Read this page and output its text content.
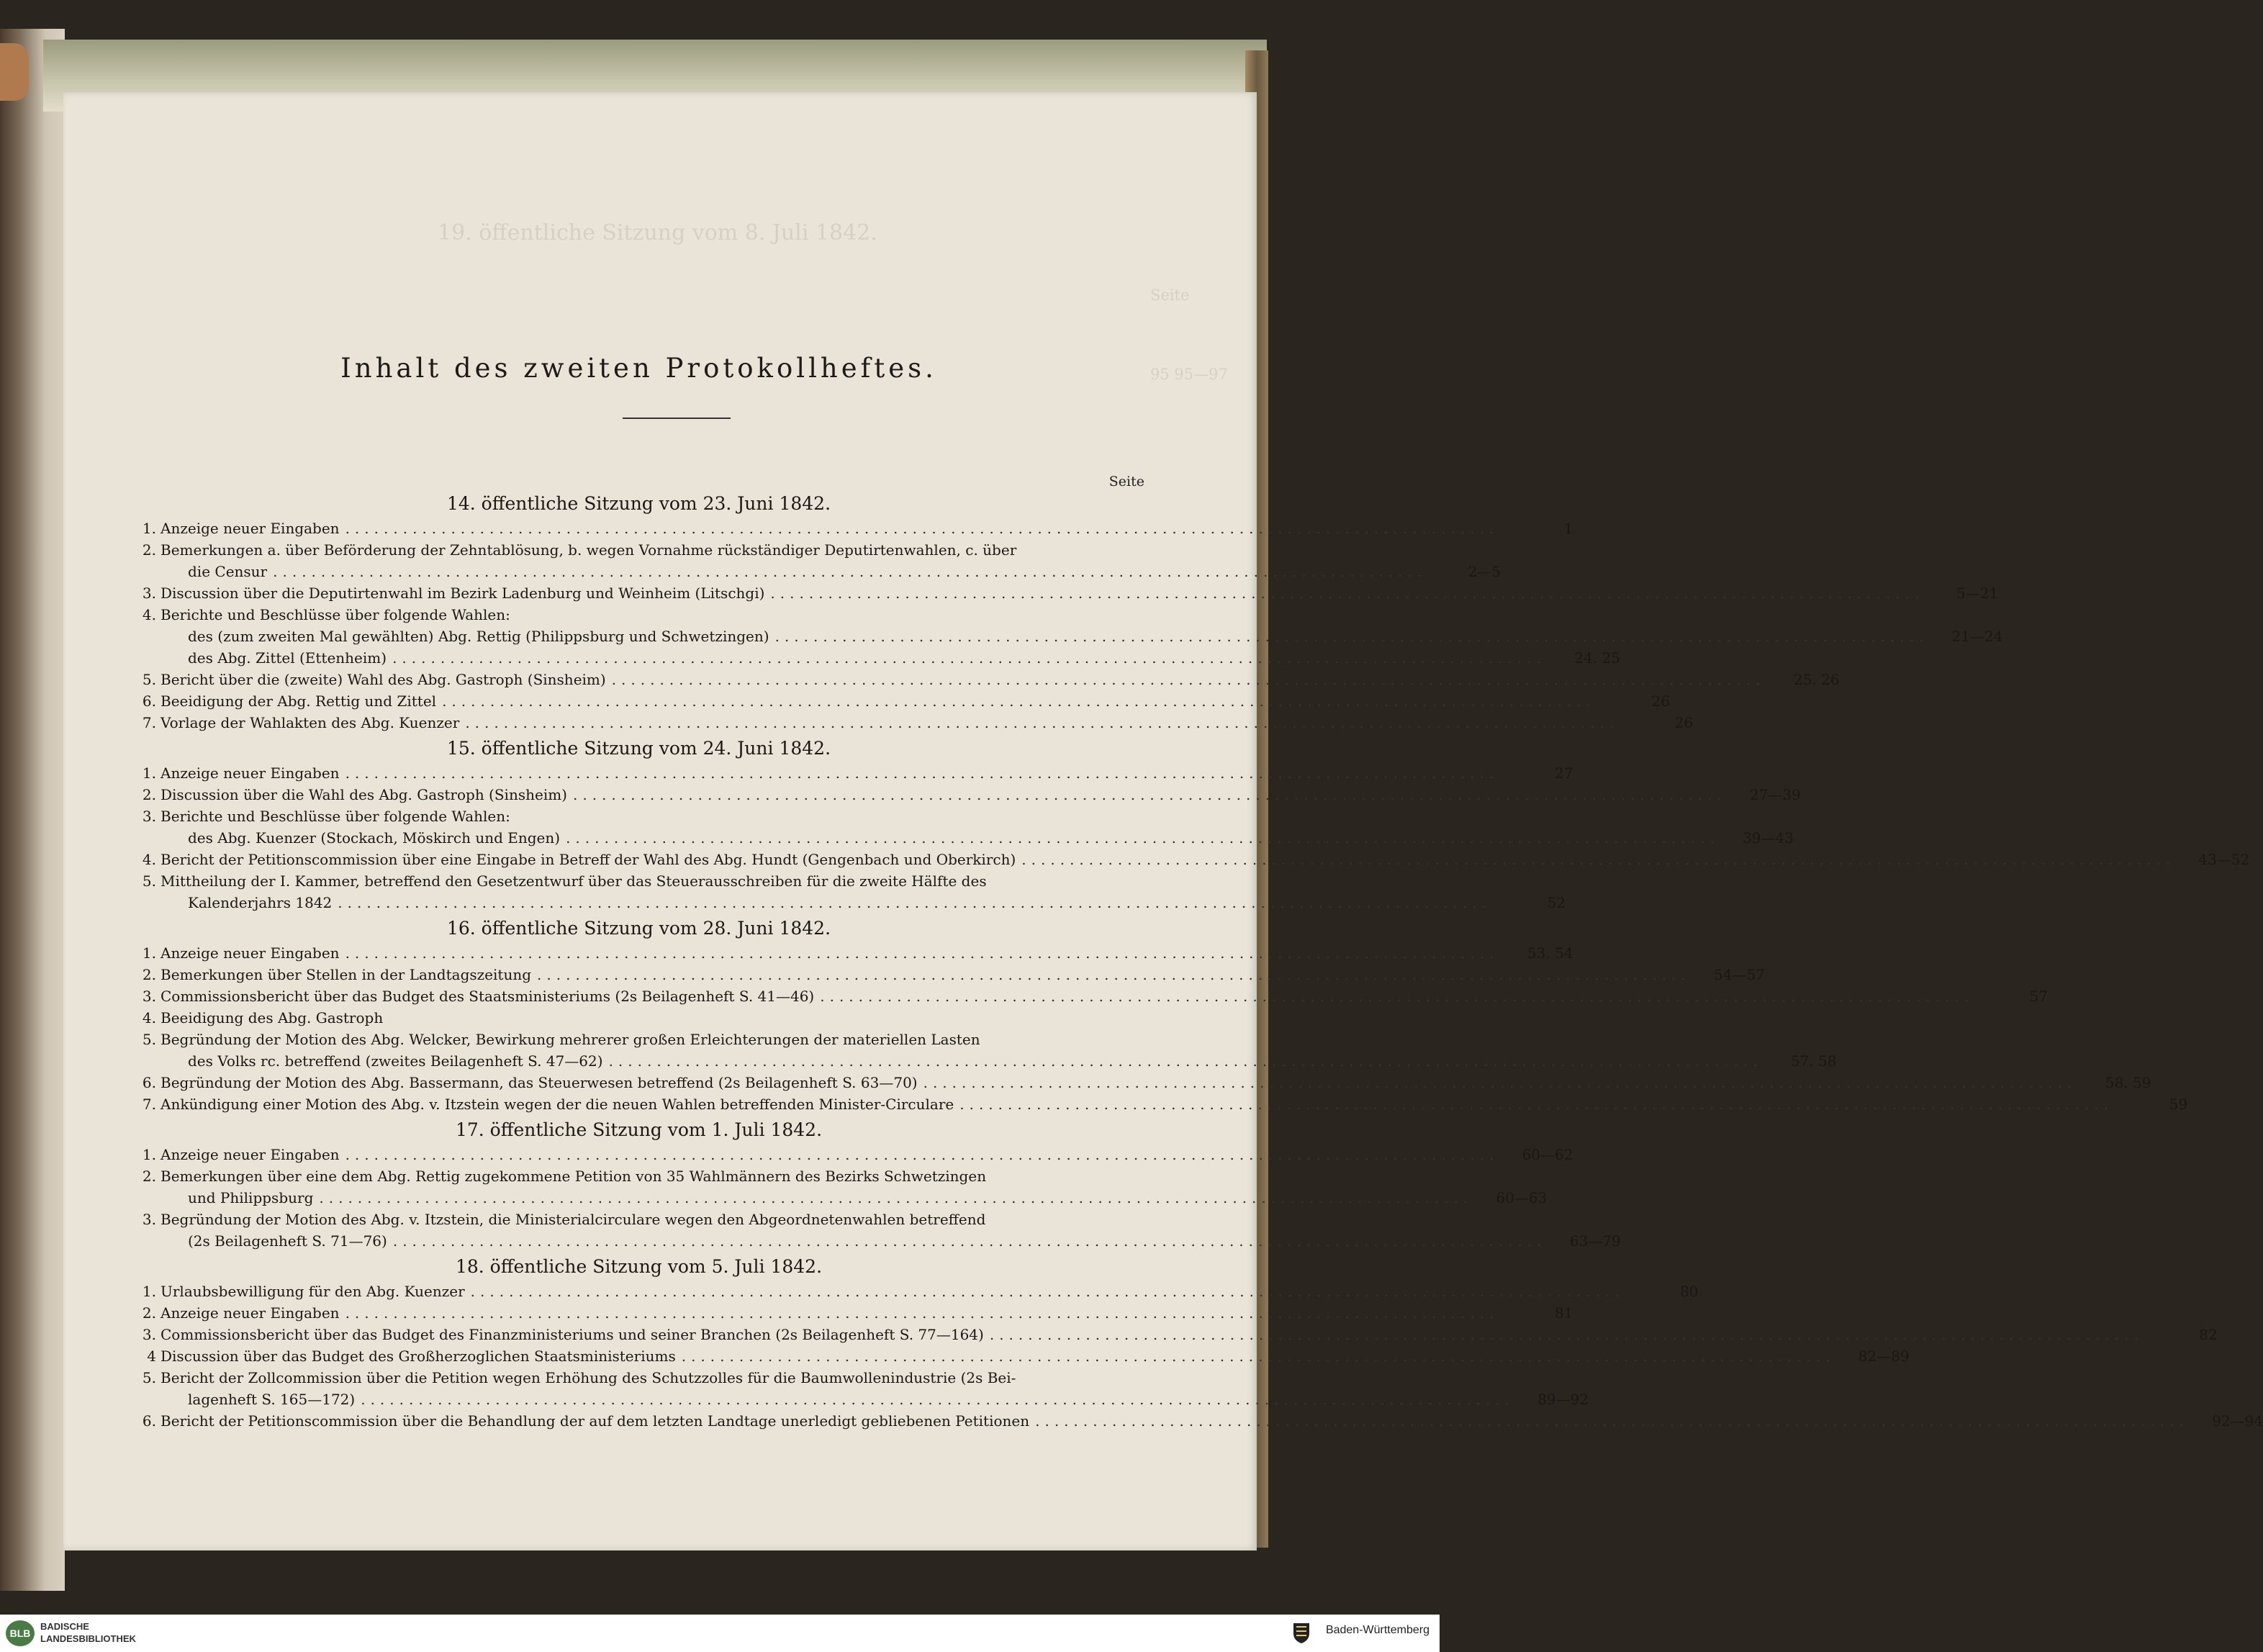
19. öffentliche Sitzung vom 8. Juli 1842.
Seite
95 95—97
Inhalt des zweiten Protokollheftes.
Seite
14. öffentliche Sitzung vom 23. Juni 1842.
1. Anzeige neuer Eingaben ........................................................................................................................	1
2. Bemerkungen a. über Beförderung der Zehntablösung, b. wegen Vornahme rückständiger Deputirtenwahlen, c. über
die Censur ........................................................................................................................	2—5
3. Discussion über die Deputirtenwahl im Bezirk Ladenburg und Weinheim (Litschgi) ........................................................................................................................	5—21
4. Berichte und Beschlüsse über folgende Wahlen:
des (zum zweiten Mal gewählten) Abg. Rettig (Philippsburg und Schwetzingen) ........................................................................................................................	21—24
des Abg. Zittel (Ettenheim) ........................................................................................................................	24. 25
5. Bericht über die (zweite) Wahl des Abg. Gastroph (Sinsheim) ........................................................................................................................	25. 26
6. Beeidigung der Abg. Rettig und Zittel ........................................................................................................................	26
7. Vorlage der Wahlakten des Abg. Kuenzer ........................................................................................................................	26
15. öffentliche Sitzung vom 24. Juni 1842.
1. Anzeige neuer Eingaben ........................................................................................................................	27
2. Discussion über die Wahl des Abg. Gastroph (Sinsheim) ........................................................................................................................	27—39
3. Berichte und Beschlüsse über folgende Wahlen:
des Abg. Kuenzer (Stockach, Möskirch und Engen) ........................................................................................................................	39—43
4. Bericht der Petitionscommission über eine Eingabe in Betreff der Wahl des Abg. Hundt (Gengenbach und Oberkirch) ........................................................................................................................	43—52
5. Mittheilung der I. Kammer, betreffend den Gesetzentwurf über das Steuerausschreiben für die zweite Hälfte des
Kalenderjahrs 1842 ........................................................................................................................	52
16. öffentliche Sitzung vom 28. Juni 1842.
1. Anzeige neuer Eingaben ........................................................................................................................	53. 54
2. Bemerkungen über Stellen in der Landtagszeitung ........................................................................................................................	54—57
3. Commissionsbericht über das Budget des Staatsministeriums (2s Beilagenheft S. 41—46) ........................................................................................................................	57
4. Beeidigung des Abg. Gastroph
5. Begründung der Motion des Abg. Welcker, Bewirkung mehrerer großen Erleichterungen der materiellen Lasten
des Volks rc. betreffend (zweites Beilagenheft S. 47—62) ........................................................................................................................	57. 58
6. Begründung der Motion des Abg. Bassermann, das Steuerwesen betreffend (2s Beilagenheft S. 63—70) ........................................................................................................................	58. 59
7. Ankündigung einer Motion des Abg. v. Itzstein wegen der die neuen Wahlen betreffenden Minister-Circulare ........................................................................................................................	59
17. öffentliche Sitzung vom 1. Juli 1842.
1. Anzeige neuer Eingaben ........................................................................................................................	60—62
2. Bemerkungen über eine dem Abg. Rettig zugekommene Petition von 35 Wahlmännern des Bezirks Schwetzingen
und Philippsburg ........................................................................................................................	60—63
3. Begründung der Motion des Abg. v. Itzstein, die Ministerialcirculare wegen den Abgeordnetenwahlen betreffend
(2s Beilagenheft S. 71—76) ........................................................................................................................	63—79
18. öffentliche Sitzung vom 5. Juli 1842.
1. Urlaubsbewilligung für den Abg. Kuenzer ........................................................................................................................	80
2. Anzeige neuer Eingaben ........................................................................................................................	81
3. Commissionsbericht über das Budget des Finanzministeriums und seiner Branchen (2s Beilagenheft S. 77—164) ........................................................................................................................	82
4 Discussion über das Budget des Großherzoglichen Staatsministeriums ........................................................................................................................	82—89
5. Bericht der Zollcommission über die Petition wegen Erhöhung des Schutzzolles für die Baumwollenindustrie (2s Bei-
lagenheft S. 165—172) ........................................................................................................................	89—92
6. Bericht der Petitionscommission über die Behandlung der auf dem letzten Landtage unerledigt gebliebenen Petitionen ........................................................................................................................	92—94
BLB
BADISCHE
LANDESBIBLIOTHEK
Baden-Württemberg
